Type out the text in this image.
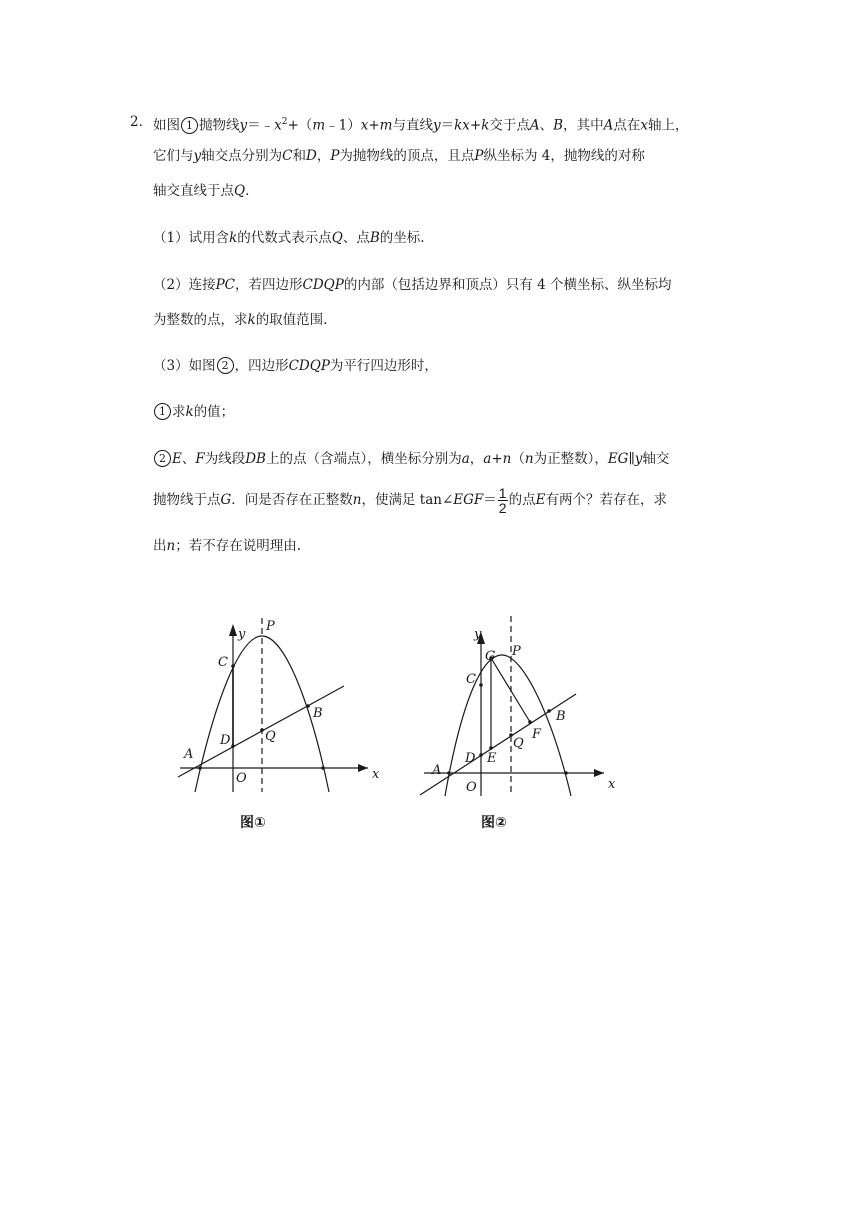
2． 如图 1 抛物线$y=﹣x^2+(m﹣1)x+m$与直线y＝kx+k交于点A、B，其中A点在x轴上，
它们与y轴交点分别为C和D，P为抛物线的顶点，且点P纵坐标为 4，抛物线的对称
轴交直线于点Q.
（1）试用含k的代数式表示点Q、点B的坐标.
（2）连接PC，若四边形CDQP的内部（包括边界和顶点）只有 4 个横坐标、纵坐标均
为整数的点，求k的取值范围.
（3）如图 2 ，四边形CDQP为平行四边形时，
1 求k的值；
2 E、F为线段DB上的点（含端点），横坐标分别为a，a+n（n为正整数），EG∥y轴交
抛物线于点G．问是否存在正整数n，使满足 tan∠EGF＝ $\frac{1}{2}$ 的点E有两个？若存在，求
出n；若不存在说明理由.
y
P
C
B
Q
D
A
O	x
y
G P
C
B
F
Q
D E
A
O	x
图①	图②
